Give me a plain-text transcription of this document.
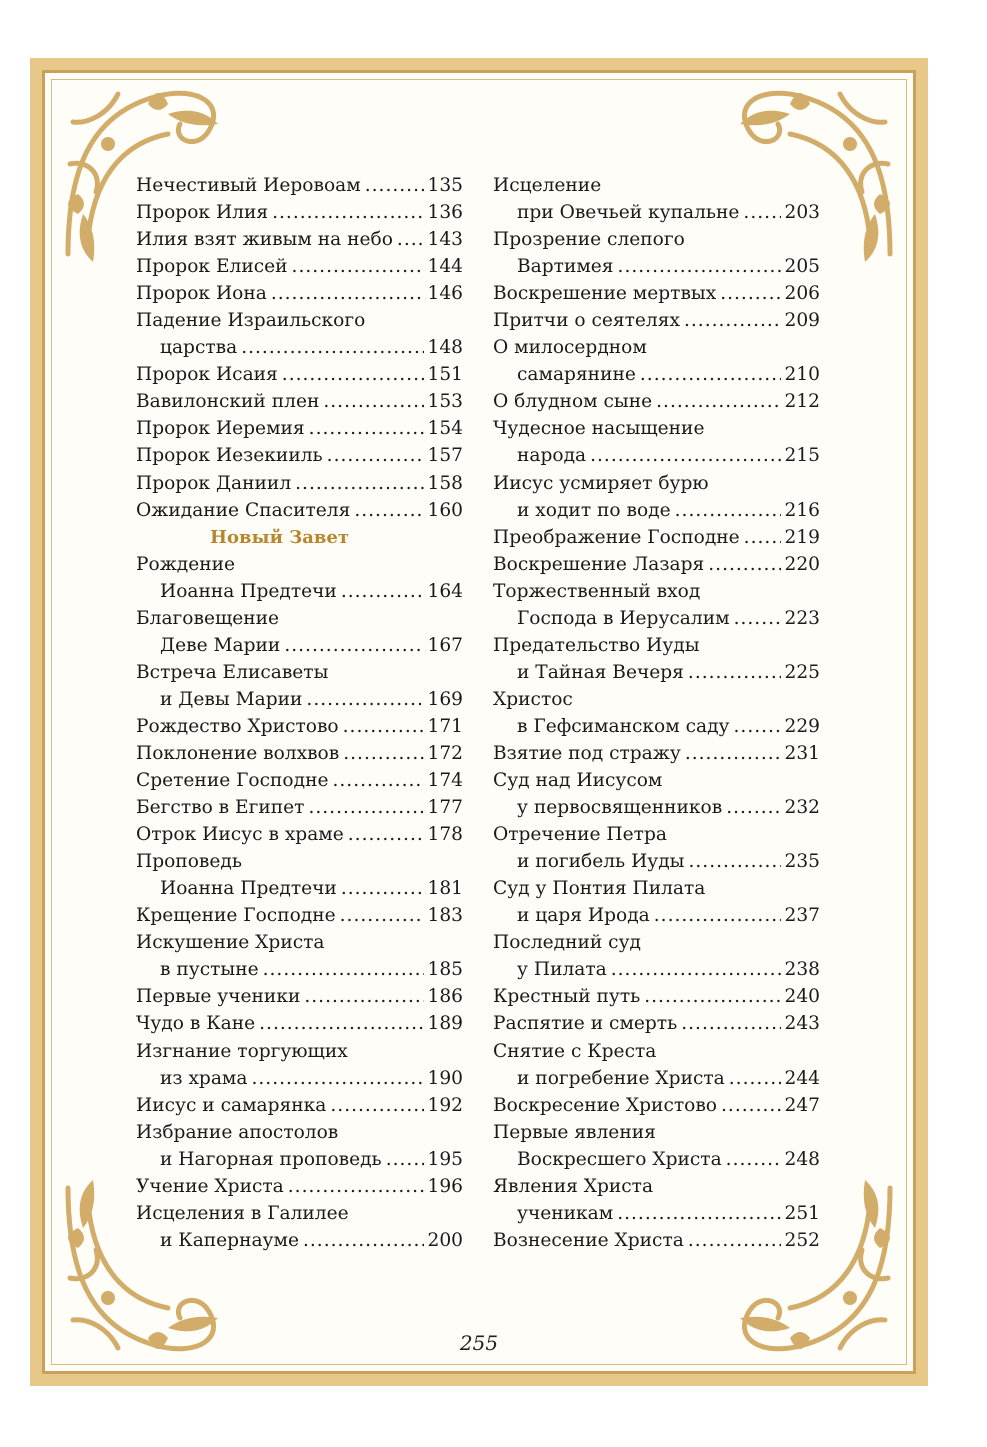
Нечестивый Иеровоам .....	135
Пророк Илия .....	136
Илия взят живым на небо ..... 143
Пророк Елисей .....	144
Пророк Иона .....	146
Падение Израильского
царства .....	148
Пророк Исаия .....	151
Вавилонский плен .....	153
Пророк Иеремия .....	154
Пророк Иезекииль .....	157
Пророк Даниил .....	158
Ожидание Спасителя .....	160
Новый Завет
Рождение
Иоанна Предтечи .....	164
Благовещение
Деве Марии .....	167
Встреча Елисаветы
и Девы Марии .....	169
Рождество Христово .....	171
Поклонение волхвов .....	172
Сретение Господне .....	174
Бегство в Египет .....	177
Отрок Иисус в храме .....	178
Проповедь
Иоанна Предтечи .....	181
Крещение Господне .....	183
Искушение Христа
в пустыне .....	185
Первые ученики .....	186
Чудо в Кане .....	189
Изгнание торгующих
из храма .....	190
Иисус и самарянка .....	192
Избрание апостолов
и Нагорная проповедь ..... 195
Учение Христа .....	196
Исцеления в Галилее
и Капернауме .....	200
Исцеление
при Овечьей купальне ..... 203
Прозрение слепого
Вартимея .....	205
Воскрешение мертвых .....	206
Притчи о сеятелях .....	209
О милосердном
самарянине .....	210
О блудном сыне .....	212
Чудесное насыщение
народа .....	215
Иисус усмиряет бурю
и ходит по воде .....	216
Преображение Господне ..... 219
Воскрешение Лазаря .....	220
Торжественный вход
Господа в Иерусалим .....	223
Предательство Иуды
и Тайная Вечеря .....	225
Христос
в Гефсиманском саду .....	229
Взятие под стражу .....	231
Суд над Иисусом
у первосвященников .....	232
Отречение Петра
и погибель Иуды .....	235
Суд у Понтия Пилата
и царя Ирода .....	237
Последний суд
у Пилата .....	238
Крестный путь .....	240
Распятие и смерть .....	243
Снятие с Креста
и погребение Христа .....	244
Воскресение Христово .....	247
Первые явления
Воскресшего Христа .....	248
Явления Христа
ученикам .....	251
Вознесение Христа .....	252
255
